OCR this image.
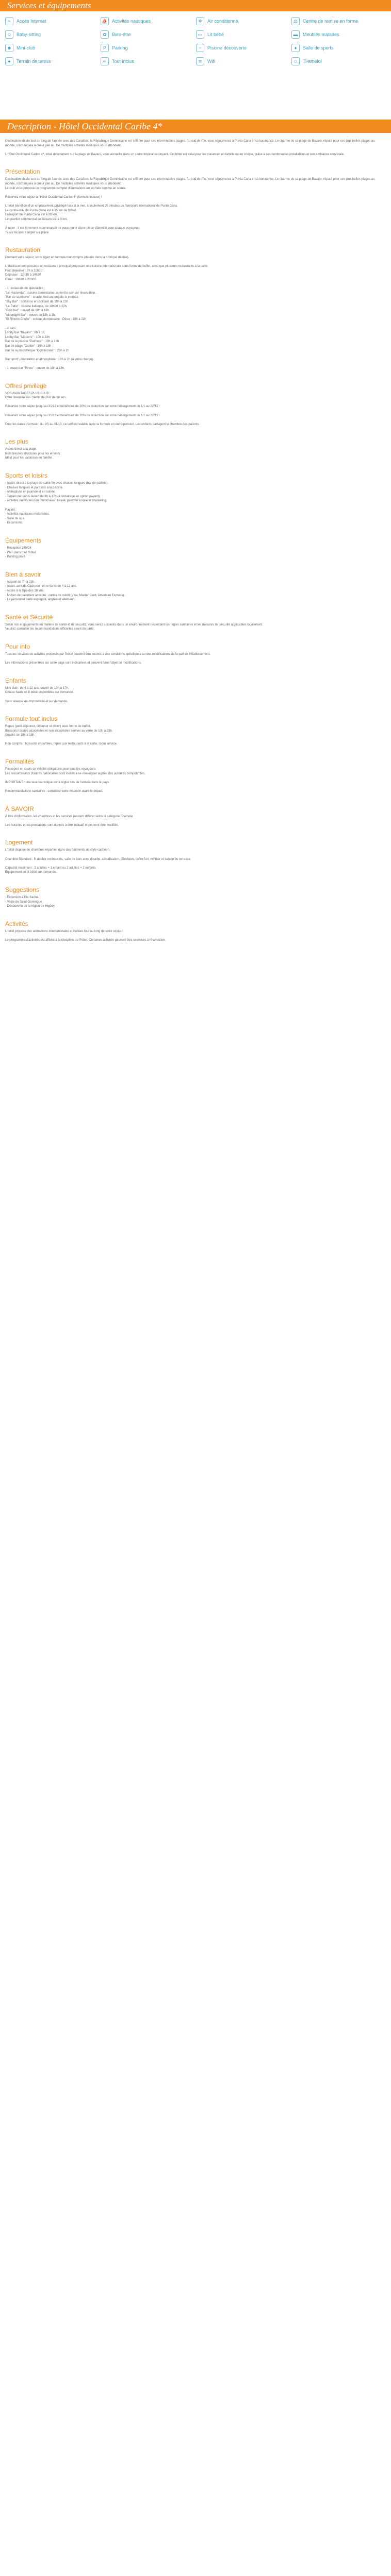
Services et équipements
≈	Accès Internet	⛵ Activités nautiques	❄	Air conditionné	⚖	Centre de remise en forme
☺	Baby-sitting	✿	Bien-être	▭	Lit bébé	▬	Meublés malades
☻	Mini-club	P	Parking	~	Piscine découverte	♦	Salle de sports
●	Terrain de tennis	∞	Tout inclus	≋	Wifi	☺	Ti-amélo!
Description - Hôtel Occidental Caribe 4*

Destination idéale tout au long de l'année avec des Caraïbes, la République Dominicaine est célèbre pour ses interminables plages. Au sud de l'île, vous séjournerez à Punta Cana et sa luxuriance. Le charme de sa plage de Bavaro, réputé pour ses plus belles plages au monde, s'échangera à coeur joie au. De multiples activités nautiques vous attendent.

L'Hôtel Occidental Caribe 4*, situé directement sur la plage de Bavaro, vous accueille dans un cadre tropical verdoyant. Cet hôtel est idéal pour les vacances en famille ou en couple, grâce à ses nombreuses installations et son ambiance conviviale.

Présentation

Destination idéale tout au long de l'année avec des Caraïbes, la République Dominicaine est célèbre pour ses interminables plages. Au sud de l'île, vous séjournerez à Punta Cana et sa luxuriance. Le charme de sa plage de Bavaro, réputé pour ses plus belles plages au monde, s'échangera à coeur joie au. De multiples activités nautiques vous attendent.

Le club vous propose un programme complet d'animations en journée comme en soirée.

Réservez votre séjour à l'Hôtel Occidental Caribe 4* (formule incluse) !

L'hôtel bénéficie d'un emplacement privilégié face à la mer, à seulement 20 minutes de l'aéroport international de Punta Cana.

Le centre-ville de Punta Cana est à 15 km de l'hôtel.

Laéroport de Punta Cana est à 20 km.

Le quartier commercial de Bavaro est à 3 km.

À noter : il est fortement recommandé de vous munir d'une pièce d'identité pour chaque voyageur.

Taxes locales à régler sur place.

Restauration

Pendant votre séjour, vous logez en formule tout compris (détails dans la rubrique dédiée).

L'établissement possède un restaurant principal proposant une cuisine internationale sous forme de buffet, ainsi que plusieurs restaurants à la carte.

Petit déjeuner : 7h à 10h30

Déjeuner : 12h30 à 14h30

Dîner : 18h30 à 22h00

- 1 restaurant de spécialités :

"Le Hacienda" : cuisine dominicaine, ouvert le soir sur réservation.

"Bar de la piscine" : snacks tout au long de la journée.

"Sky Bar" : boissons et cocktails de 10h à 23h.

"Le Patio" : cuisine italienne, de 18h30 à 22h.

"Pool bar" : ouvert de 10h à 18h.

"Moonlight Bar" : ouvert de 18h à 1h.

"El Rincón Criollo" : cuisine dominicaine : Dîner : 18h à 22h

- 4 bars :

Lobby bar "Bavaro" : 8h à 1h

Lobby Bar "Macorís" : 10h à 23h

Bar de la piscine "Palmera" : 10h à 18h

Bar de plage "Caribe" : 10h à 18h

Bar de la discothèque "Dominicana" : 23h à 2h

Bar sport", décoration et atmosphère : 19h à 1h (à votre charge).

- 1 snack bar "Pinos" : ouvert de 10h à 18h.

Offres privilège

VOS AVANTAGES PLUS CLUB :

Offre réservée aux clients de plus de 18 ans.

Réservez votre séjour jusqu'au 31/12 et bénéficiez de 20% de réduction sur votre hébergement du 1/1 au 22/12 !

Réservez votre séjour jusqu'au 31/12 et bénéficiez de 20% de réduction sur votre hébergement du 1/1 au 22/12 !

Pour les dates d'arrivée : du 1/5 au 31/10, ce tarif est valable avec la formule en demi-pension. Les enfants partagent la chambre des parents.

Les plus

Accès direct à la plage.

Nombreuses structures pour les enfants.

Idéal pour les vacances en famille.

Sports et loisirs

- Accès direct à la plage de sable fin avec chaises longues (bar de paillote).

- Chaises longues et parasols à la piscine.

- Animations en journée et en soirée.

- Terrain de tennis ouvert de 9h à 17h (à l'éclairage en option payant).

- Activités nautiques non motorisées : kayak, planche à voile et snorkeling.

Payant :

- Activités nautiques motorisées.

- Salle de spa.

- Excursions.

Équipements

- Réception 24h/24

- WiFi dans tout l'hôtel

- Parking privé

Bien à savoir

- Accueil de 7h à 23h.

- Accès au Kids Club pour les enfants de 4 à 12 ans.

- Accès à la Spa dès 18 ans.

- Moyen de paiement accepté : cartes de crédit (Visa, Master Card, American Express).

- Le personnel parle espagnol, anglais et allemand.

Santé et Sécurité

Selon nos engagements en matière de santé et de sécurité, vous serez accueillis dans un environnement respectant les règles sanitaires et les mesures de sécurité applicables localement.

Veuillez consulter les recommandations officielles avant de partir.

Pour info

Tous les services ou activités proposés par l'hôtel peuvent être soumis à des conditions spécifiques ou des modifications de la part de l'établissement.

Les informations présentées sur cette page sont indicatives et peuvent faire l'objet de modifications.

Enfants

Mini club : de 4 à 12 ans, ouvert de 10h à 17h.

Chaise haute et lit bébé disponibles sur demande.

Sous réserve de disponibilité et sur demande.

Formule tout inclus

Repas (petit-déjeuner, déjeuner et dîner) sous forme de buffet.

Boissons locales alcoolisées et non alcoolisées servies au verre de 10h à 23h.

Snacks de 10h à 18h.

Non compris : boissons importées, repas aux restaurants à la carte, room service.

Formalités

Passeport en cours de validité obligatoire pour tous les voyageurs.

Les ressortissants d'autres nationalités sont invités à se renseigner auprès des autorités compétentes.

IMPORTANT : une taxe touristique est à régler lors de l'arrivée dans le pays.

Recommandations sanitaires : consultez votre médecin avant le départ.

À SAVOIR

À titre d'information, les chambres et les services peuvent différer selon la catégorie réservée.

Les horaires et les prestations sont donnés à titre indicatif et peuvent être modifiés.

Logement

L'hôtel dispose de chambres réparties dans des bâtiments de style caribéen.

Chambre Standard : lit double ou deux lits, salle de bain avec douche, climatisation, télévision, coffre-fort, minibar et balcon ou terrasse.

Capacité maximum : 3 adultes + 1 enfant ou 2 adultes + 2 enfants.

Équipement en lit bébé sur demande.

Suggestions

- Excursion à l'île Saona

- Visite de Saint-Domingue

- Découverte de la région de Higüey

Activités

L'hôtel propose des animations internationales et variées tout au long de votre séjour.

Le programme d'activités est affiché à la réception de l'hôtel. Certaines activités peuvent être soumises à réservation.
